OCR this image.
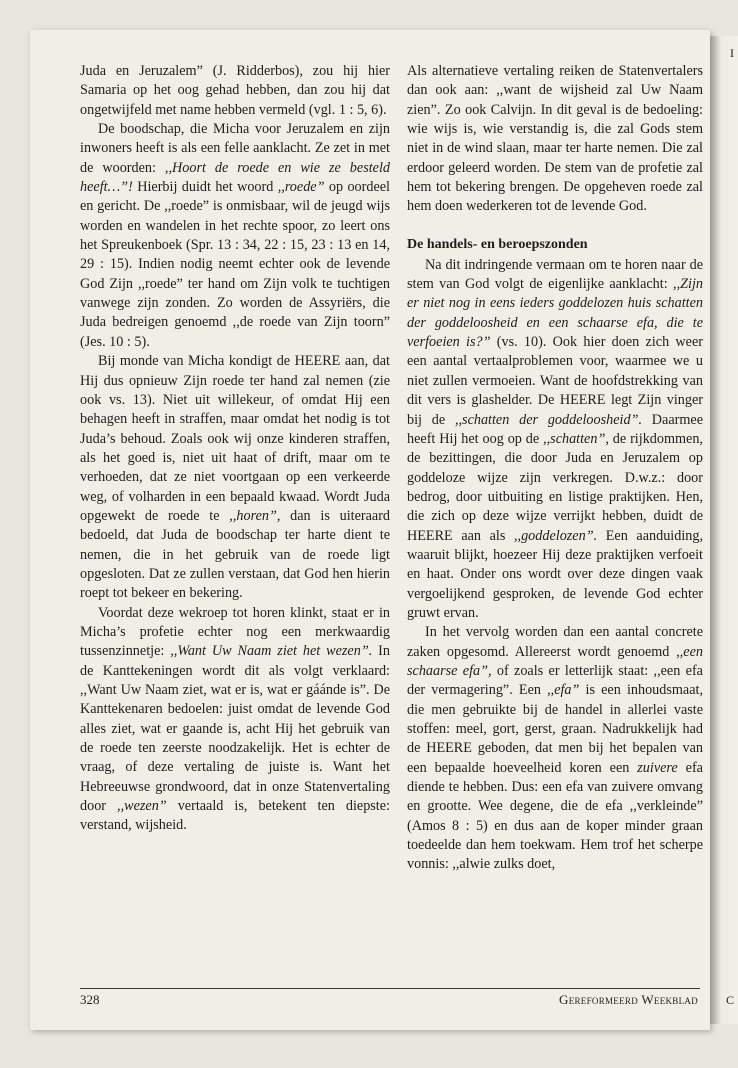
I
C

Juda en Jeruzalem” (J. Ridderbos), zou hij hier Samaria op het oog gehad hebben, dan zou hij dat ongetwijfeld met name hebben vermeld (vgl. 1 : 5, 6).

De boodschap, die Micha voor Jeruzalem en zijn inwoners heeft is als een felle aanklacht. Ze zet in met de woorden: ,,Hoort de roede en wie ze besteld heeft…”! Hierbij duidt het woord ,,roede” op oordeel en gericht. De ,,roede” is onmisbaar, wil de jeugd wijs worden en wandelen in het rechte spoor, zo leert ons het Spreukenboek (Spr. 13 : 34, 22 : 15, 23 : 13 en 14, 29 : 15). Indien nodig neemt echter ook de levende God Zijn ,,roede” ter hand om Zijn volk te tuchtigen vanwege zijn zonden. Zo worden de Assyriërs, die Juda bedreigen genoemd ,,de roede van Zijn toorn” (Jes. 10 : 5).

Bij monde van Micha kondigt de HEERE aan, dat Hij dus opnieuw Zijn roede ter hand zal nemen (zie ook vs. 13). Niet uit willekeur, of omdat Hij een behagen heeft in straffen, maar omdat het nodig is tot Juda’s behoud. Zoals ook wij onze kinderen straffen, als het goed is, niet uit haat of drift, maar om te verhoeden, dat ze niet voortgaan op een verkeerde weg, of volharden in een bepaald kwaad. Wordt Juda opgewekt de roede te ,,horen”, dan is uiteraard bedoeld, dat Juda de boodschap ter harte dient te nemen, die in het gebruik van de roede ligt opgesloten. Dat ze zullen verstaan, dat God hen hierin roept tot bekeer en bekering.

Voordat deze wekroep tot horen klinkt, staat er in Micha’s profetie echter nog een merkwaardig tussenzinnetje: ,,Want Uw Naam ziet het wezen”. In de Kanttekeningen wordt dit als volgt verklaard: ,,Want Uw Naam ziet, wat er is, wat er gáánde is”. De Kanttekenaren bedoelen: juist omdat de levende God alles ziet, wat er gaande is, acht Hij het gebruik van de roede ten zeerste noodzakelijk. Het is echter de vraag, of deze vertaling de juiste is. Want het Hebreeuwse grondwoord, dat in onze Statenvertaling door ,,wezen” vertaald is, betekent ten diepste: verstand, wijsheid.

Als alternatieve vertaling reiken de Statenvertalers dan ook aan: ,,want de wijsheid zal Uw Naam zien”. Zo ook Calvijn. In dit geval is de bedoeling: wie wijs is, wie verstandig is, die zal Gods stem niet in de wind slaan, maar ter harte nemen. Die zal erdoor geleerd worden. De stem van de profetie zal hem tot bekering brengen. De opgeheven roede zal hem doen wederkeren tot de levende God.

De handels- en beroepszonden

Na dit indringende vermaan om te horen naar de stem van God volgt de eigenlijke aanklacht: ,,Zijn er niet nog in eens ieders goddelozen huis schatten der goddeloosheid en een schaarse efa, die te verfoeien is?” (vs. 10). Ook hier doen zich weer een aantal vertaalproblemen voor, waarmee we u niet zullen vermoeien. Want de hoofdstrekking van dit vers is glashelder. De HEERE legt Zijn vinger bij de ,,schatten der goddeloosheid”. Daarmee heeft Hij het oog op de ,,schatten”, de rijkdommen, de bezittingen, die door Juda en Jeruzalem op goddeloze wijze zijn verkregen. D.w.z.: door bedrog, door uitbuiting en listige praktijken. Hen, die zich op deze wijze verrijkt hebben, duidt de HEERE aan als ,,goddelozen”. Een aanduiding, waaruit blijkt, hoezeer Hij deze praktijken verfoeit en haat. Onder ons wordt over deze dingen vaak vergoelijkend gesproken, de levende God echter gruwt ervan.

In het vervolg worden dan een aantal concrete zaken opgesomd. Allereerst wordt genoemd ,,een schaarse efa”, of zoals er letterlijk staat: ,,een efa der vermagering”. Een ,,efa” is een inhoudsmaat, die men gebruikte bij de handel in allerlei vaste stoffen: meel, gort, gerst, graan. Nadrukkelijk had de HEERE geboden, dat men bij het bepalen van een bepaalde hoeveelheid koren een zuivere efa diende te hebben. Dus: een efa van zuivere omvang en grootte. Wee degene, die de efa ,,verkleinde” (Amos 8 : 5) en dus aan de koper minder graan toedeelde dan hem toekwam. Hem trof het scherpe vonnis: ,,alwie zulks doet,

328	Gereformeerd Weekblad
